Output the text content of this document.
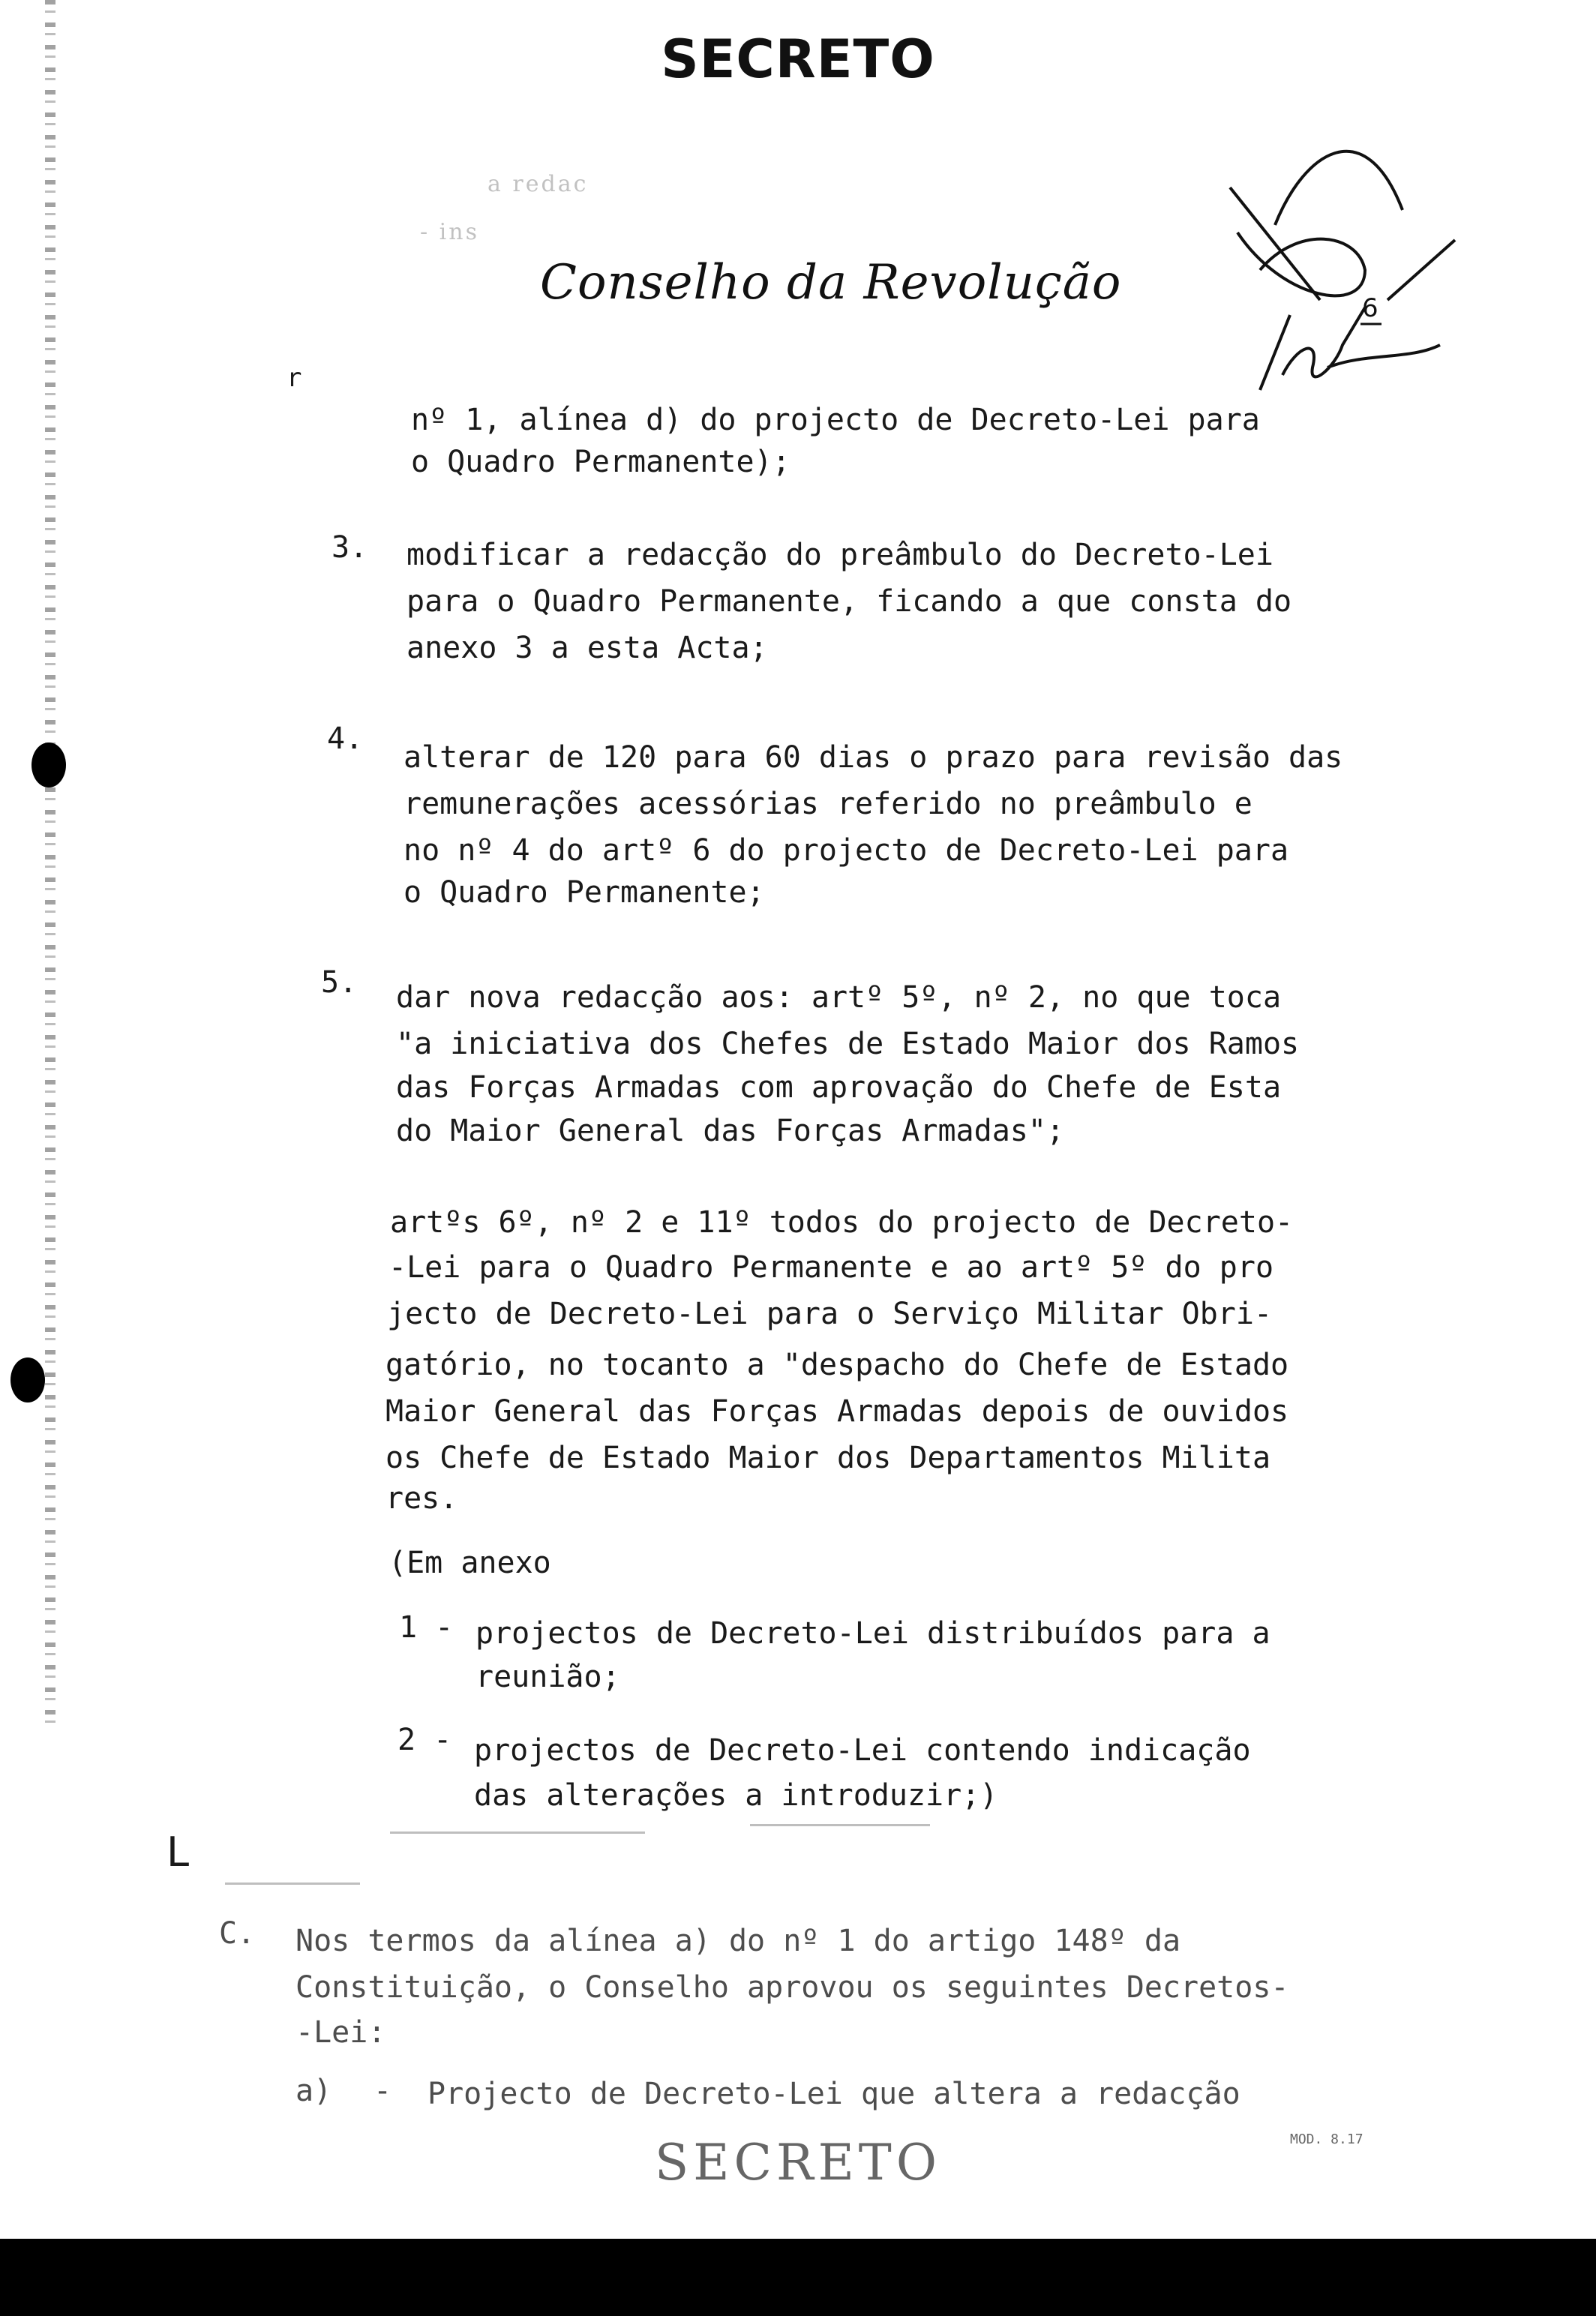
SECRETO
a redac
- ins
Conselho da Revolução	6
r
nº 1, alínea d) do projecto de Decreto-Lei para
o Quadro Permanente);
3. modificar a redacção do preâmbulo do Decreto-Lei
para o Quadro Permanente, ficando a que consta do
anexo 3 a esta Acta;
4.
alterar de 120 para 60 dias o prazo para revisão das
remunerações acessórias referido no preâmbulo e
no nº 4 do artº 6 do projecto de Decreto-Lei para
o Quadro Permanente;
5. dar nova redacção aos: artº 5º, nº 2, no que toca
"a iniciativa dos Chefes de Estado Maior dos Ramos
das Forças Armadas com aprovação do Chefe de Esta
do Maior General das Forças Armadas";
artºs 6º, nº 2 e 11º todos do projecto de Decreto-
-Lei para o Quadro Permanente e ao artº 5º do pro
jecto de Decreto-Lei para o Serviço Militar Obri-
gatório, no tocanto a "despacho do Chefe de Estado
Maior General das Forças Armadas depois de ouvidos
os Chefe de Estado Maior dos Departamentos Milita
res.
(Em anexo
1 - projectos de Decreto-Lei distribuídos para a
reunião;
2 - projectos de Decreto-Lei contendo indicação
das alterações a introduzir;)
L
C. Nos termos da alínea a) do nº 1 do artigo 148º da
Constituição, o Conselho aprovou os seguintes Decretos-
-Lei:
a) - Projecto de Decreto-Lei que altera a redacção
MOD. 8.17
SECRETO
